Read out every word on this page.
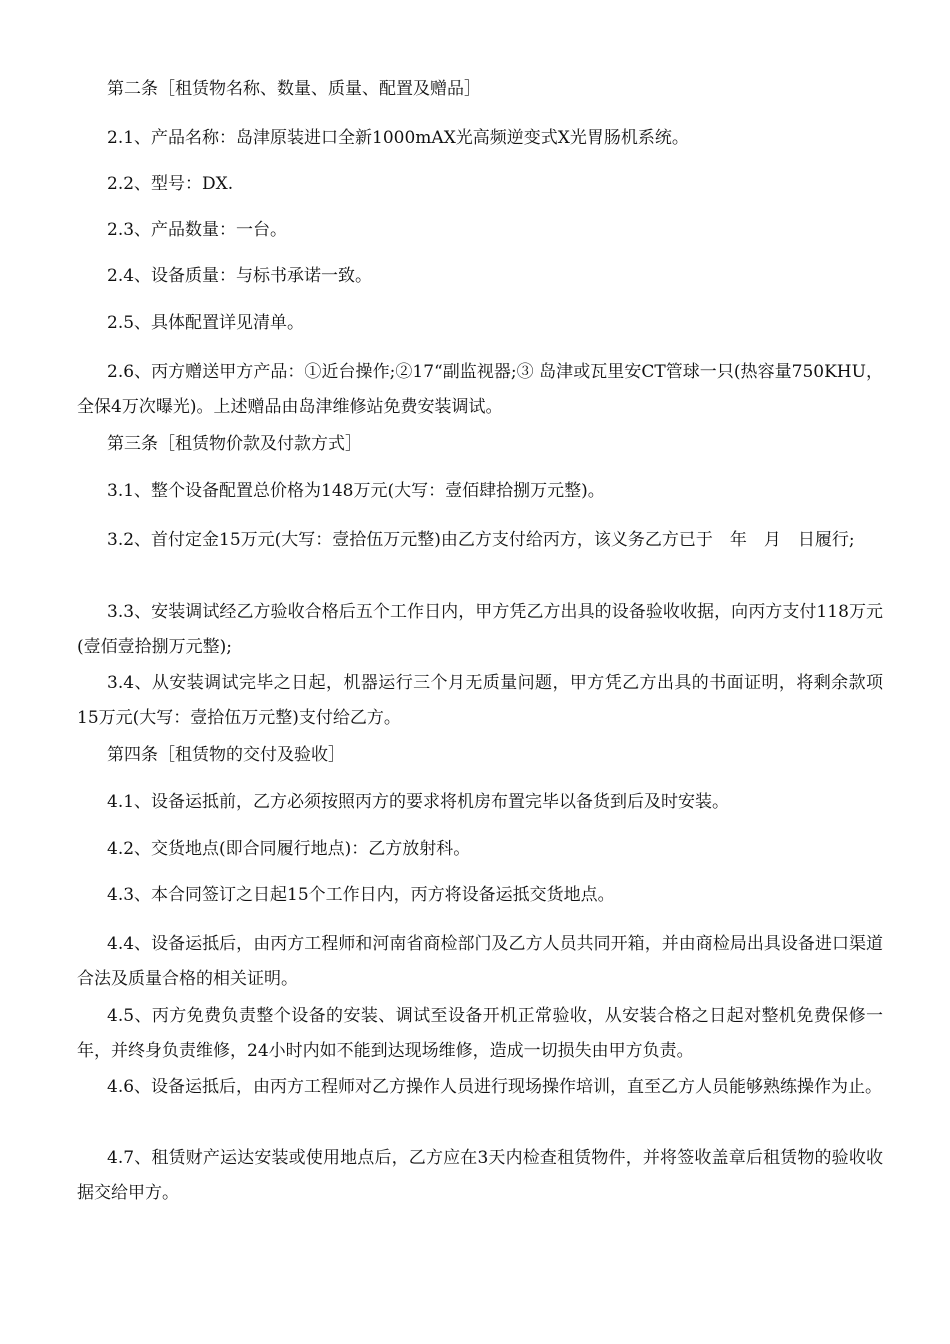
第二条［租赁物名称、数量、质量、配置及赠品］

2.1、产品名称：岛津原装进口全新1000mAX光高频逆变式X光胃肠机系统。

2.2、型号：DX.

2.3、产品数量：一台。

2.4、设备质量：与标书承诺一致。

2.5、具体配置详见清单。

2.6、丙方赠送甲方产品：①近台操作;②17“副监视器;③ 岛津或瓦里安CT管球一只(热容量750KHU，全保4万次曝光)。上述赠品由岛津维修站免费安装调试。

第三条［租赁物价款及付款方式］

3.1、整个设备配置总价格为148万元(大写：壹佰肆拾捌万元整)。

3.2、首付定金15万元(大写：壹拾伍万元整)由乙方支付给丙方，该义务乙方已于　年　月　日履行;

3.3、安装调试经乙方验收合格后五个工作日内，甲方凭乙方出具的设备验收收据，向丙方支付118万元(壹佰壹拾捌万元整);

3.4、从安装调试完毕之日起，机器运行三个月无质量问题，甲方凭乙方出具的书面证明，将剩余款项15万元(大写：壹拾伍万元整)支付给乙方。

第四条［租赁物的交付及验收］

4.1、设备运抵前，乙方必须按照丙方的要求将机房布置完毕以备货到后及时安装。

4.2、交货地点(即合同履行地点)：乙方放射科。

4.3、本合同签订之日起15个工作日内，丙方将设备运抵交货地点。

4.4、设备运抵后，由丙方工程师和河南省商检部门及乙方人员共同开箱，并由商检局出具设备进口渠道合法及质量合格的相关证明。

4.5、丙方免费负责整个设备的安装、调试至设备开机正常验收，从安装合格之日起对整机免费保修一年，并终身负责维修，24小时内如不能到达现场维修，造成一切损失由甲方负责。

4.6、设备运抵后，由丙方工程师对乙方操作人员进行现场操作培训，直至乙方人员能够熟练操作为止。

4.7、租赁财产运达安装或使用地点后，乙方应在3天内检查租赁物件，并将签收盖章后租赁物的验收收据交给甲方。
